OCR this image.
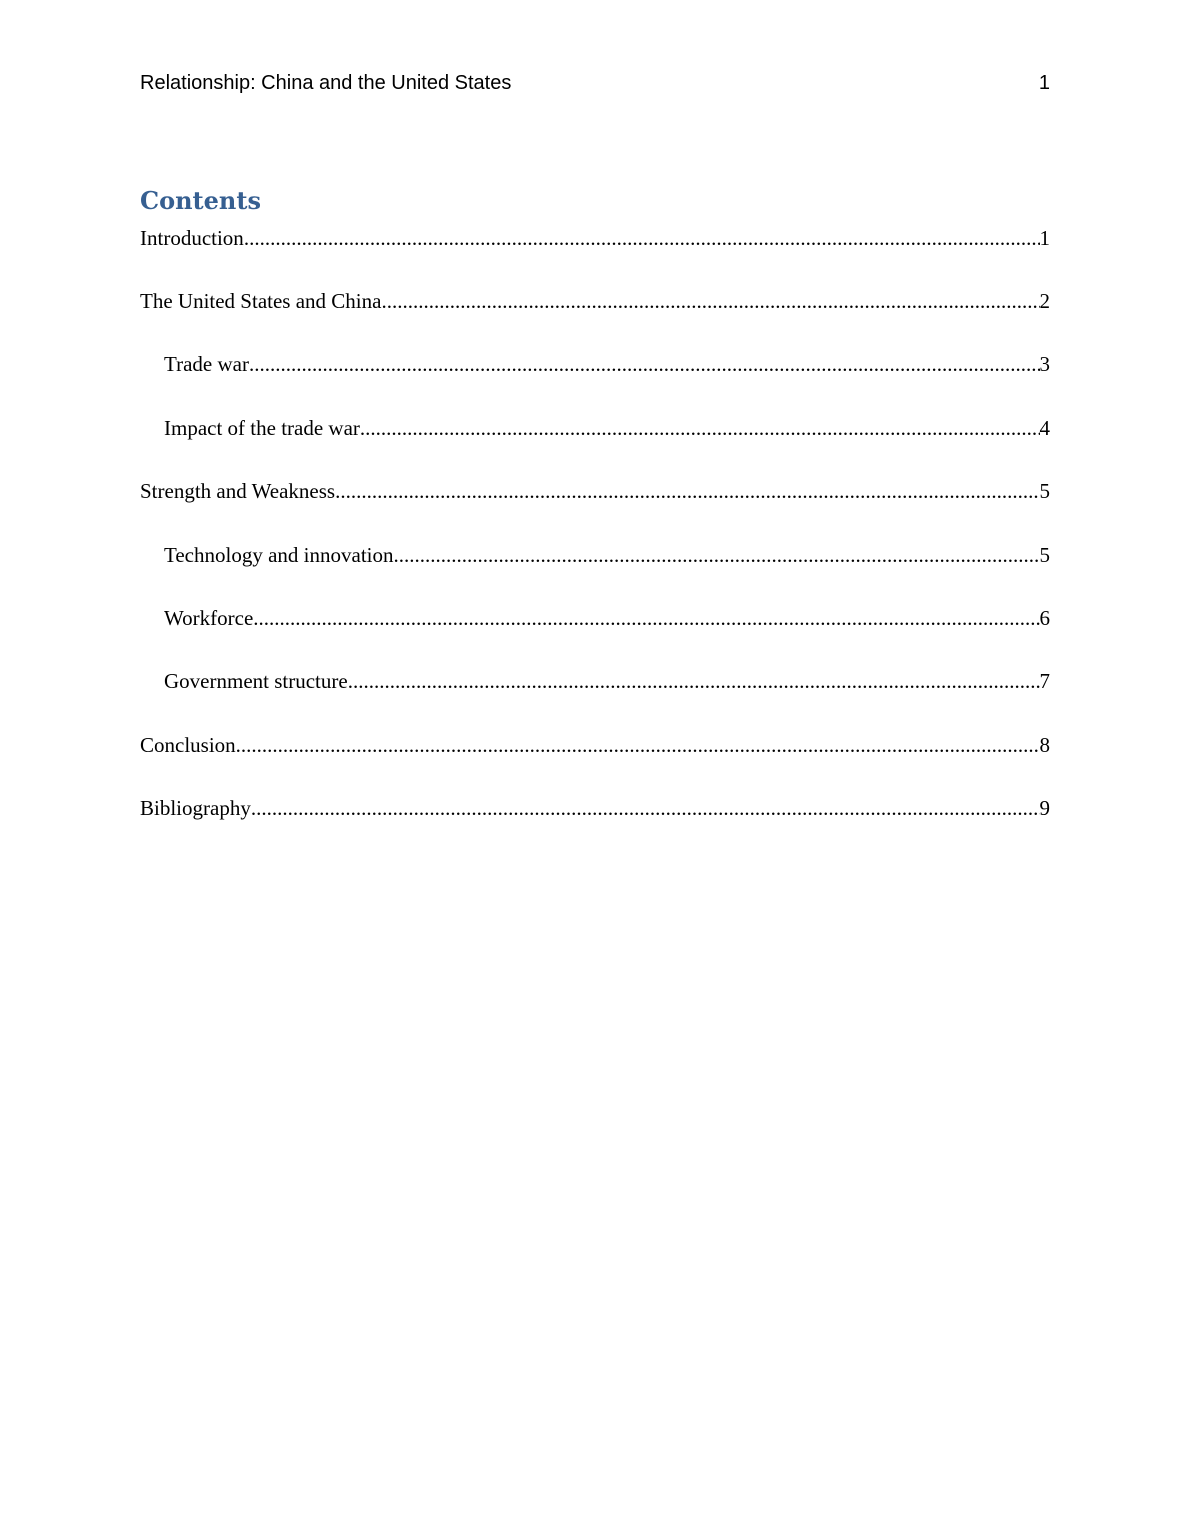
Relationship: China and the United States	1
Contents
Introduction .....	1
The United States and China .....	2
Trade war .....	3
Impact of the trade war .....	4
Strength and Weakness .....	5
Technology and innovation .....	5
Workforce .....	6
Government structure .....	7
Conclusion .....	8
Bibliography .....	9
